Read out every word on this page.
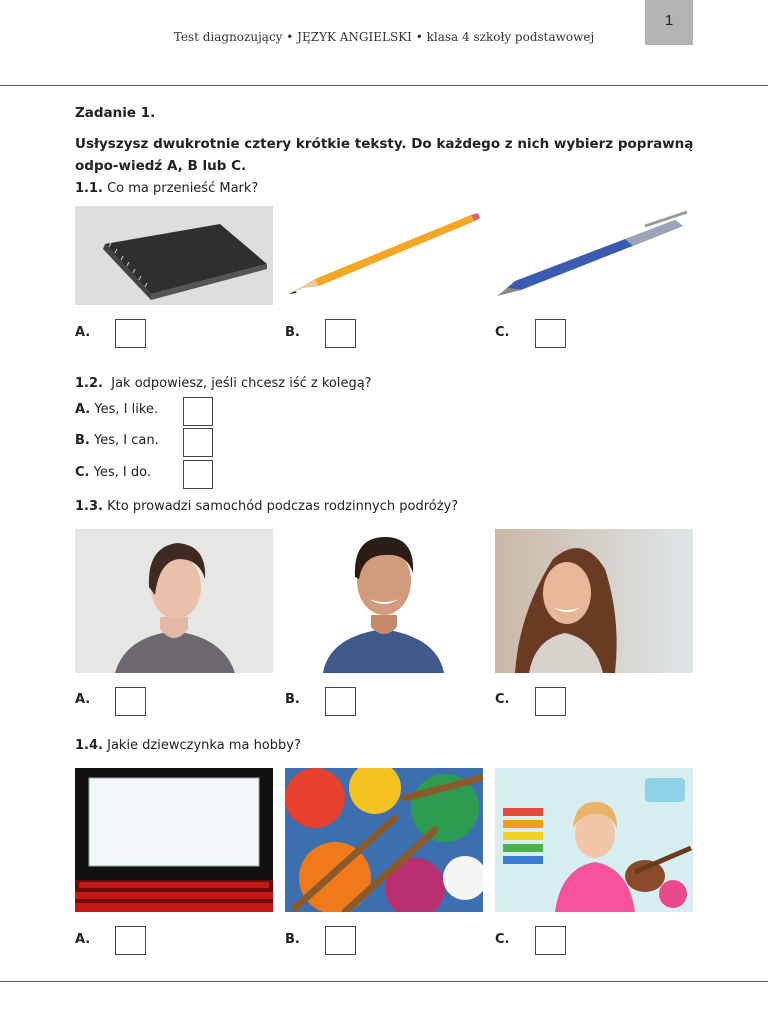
Test diagnozujący • JĘZYK ANGIELSKI • klasa 4 szkoły podstawowej
1
Zadanie 1.
Usłyszysz dwukrotnie cztery krótkie teksty. Do każdego z nich wybierz poprawną odpo-wiedź A, B lub C.
1.1. Co ma przenieść Mark?
A.	B.	C.
1.2. Jak odpowiesz, jeśli chcesz iść z kolegą?
A. Yes, I like.
B. Yes, I can.
C. Yes, I do.
1.3. Kto prowadzi samochód podczas rodzinnych podróży?
A.	B.	C.
1.4. Jakie dziewczynka ma hobby?
A.	B.	C.
